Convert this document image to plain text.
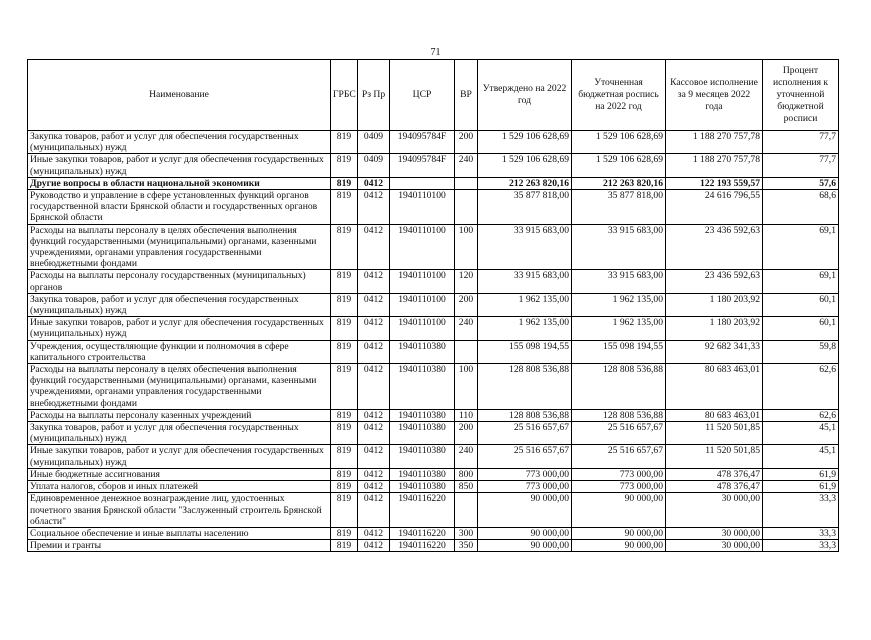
71
Наименование	ГРБС	Рз Пр	ЦСР	ВР	Утверждено на 2022 год	Уточненная бюджетная роспись на 2022 год	Кассовое исполнение за 9 месяцев 2022 года	Процент исполнения к уточненной бюджетной росписи
Закупка товаров, работ и услуг для обеспечения государственных (муниципальных) нужд	819	0409	194095784F	200	1 529 106 628,69	1 529 106 628,69	1 188 270 757,78	77,7
Иные закупки товаров, работ и услуг для обеспечения государственных (муниципальных) нужд	819	0409	194095784F	240	1 529 106 628,69	1 529 106 628,69	1 188 270 757,78	77,7
Другие вопросы в области национальной экономики	819	0412			212 263 820,16	212 263 820,16	122 193 559,57	57,6
Руководство и управление в сфере установленных функций органов государственной власти Брянской области и государственных органов Брянской области	819	0412	1940110100		35 877 818,00	35 877 818,00	24 616 796,55	68,6
Расходы на выплаты персоналу в целях обеспечения выполнения функций государственными (муниципальными) органами, казенными учреждениями, органами управления государственными внебюджетными фондами	819	0412	1940110100	100	33 915 683,00	33 915 683,00	23 436 592,63	69,1
Расходы на выплаты персоналу государственных (муниципальных) органов	819	0412	1940110100	120	33 915 683,00	33 915 683,00	23 436 592,63	69,1
Закупка товаров, работ и услуг для обеспечения государственных (муниципальных) нужд	819	0412	1940110100	200	1 962 135,00	1 962 135,00	1 180 203,92	60,1
Иные закупки товаров, работ и услуг для обеспечения государственных (муниципальных) нужд	819	0412	1940110100	240	1 962 135,00	1 962 135,00	1 180 203,92	60,1
Учреждения, осуществляющие функции и полномочия в сфере капитального строительства	819	0412	1940110380		155 098 194,55	155 098 194,55	92 682 341,33	59,8
Расходы на выплаты персоналу в целях обеспечения выполнения функций государственными (муниципальными) органами, казенными учреждениями, органами управления государственными внебюджетными фондами	819	0412	1940110380	100	128 808 536,88	128 808 536,88	80 683 463,01	62,6
Расходы на выплаты персоналу казенных учреждений	819	0412	1940110380	110	128 808 536,88	128 808 536,88	80 683 463,01	62,6
Закупка товаров, работ и услуг для обеспечения государственных (муниципальных) нужд	819	0412	1940110380	200	25 516 657,67	25 516 657,67	11 520 501,85	45,1
Иные закупки товаров, работ и услуг для обеспечения государственных (муниципальных) нужд	819	0412	1940110380	240	25 516 657,67	25 516 657,67	11 520 501,85	45,1
Иные бюджетные ассигнования	819	0412	1940110380	800	773 000,00	773 000,00	478 376,47	61,9
Уплата налогов, сборов и иных платежей	819	0412	1940110380	850	773 000,00	773 000,00	478 376,47	61,9
Единовременное денежное вознаграждение лиц, удостоенных почетного звания Брянской области "Заслуженный строитель Брянской области"	819	0412	1940116220		90 000,00	90 000,00	30 000,00	33,3
Социальное обеспечение и иные выплаты населению	819	0412	1940116220	300	90 000,00	90 000,00	30 000,00	33,3
Премии и гранты	819	0412	1940116220	350	90 000,00	90 000,00	30 000,00	33,3
